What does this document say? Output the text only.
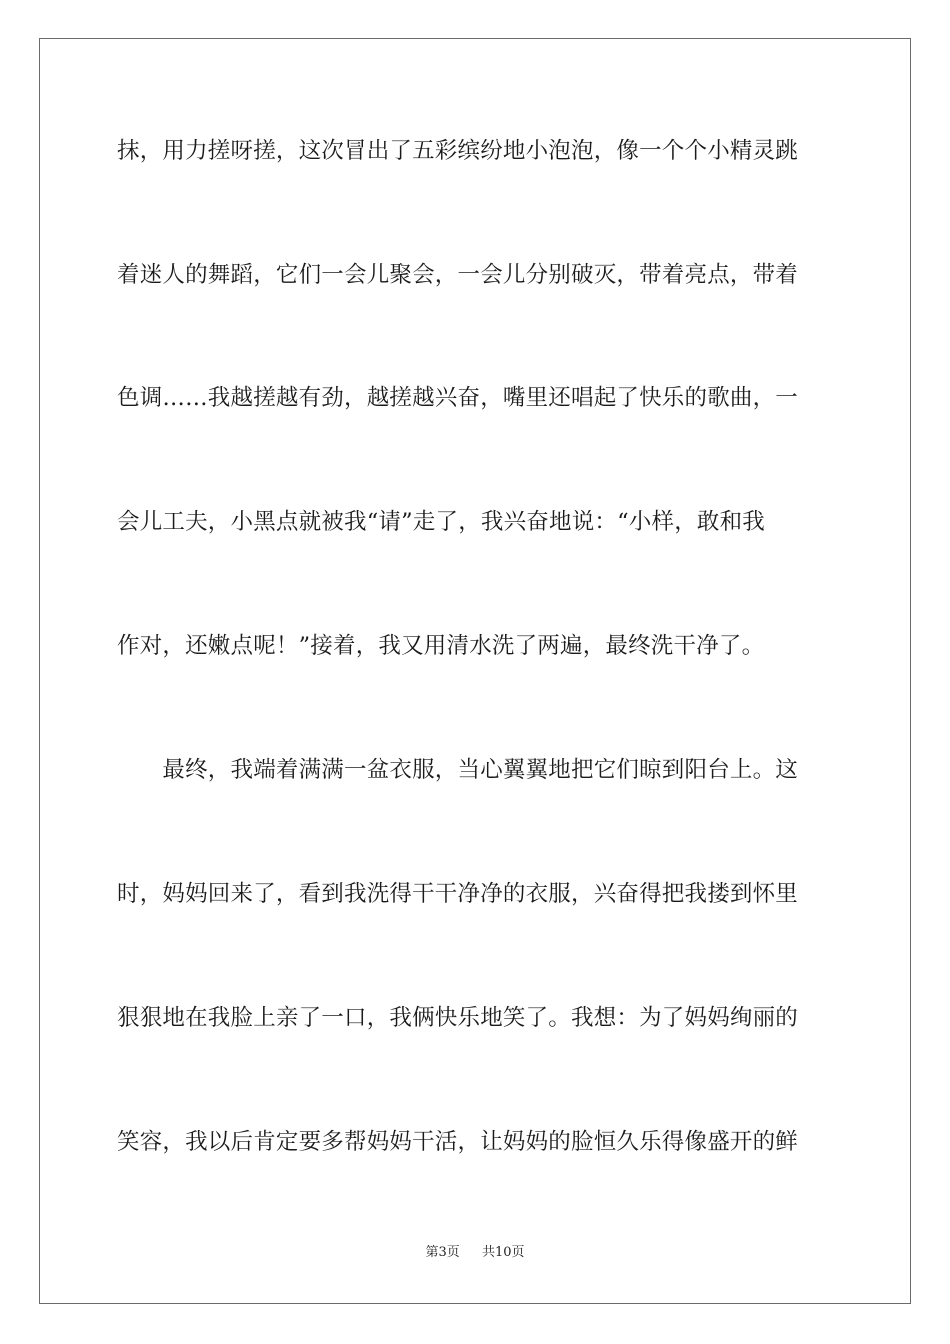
抹，用力搓呀搓，这次冒出了五彩缤纷地小泡泡，像一个个小精灵跳
着迷人的舞蹈，它们一会儿聚会，一会儿分别破灭，带着亮点，带着
色调……我越搓越有劲，越搓越兴奋，嘴里还唱起了快乐的歌曲，一
会儿工夫，小黑点就被我“请”走了，我兴奋地说：“小样，敢和我
作对，还嫩点呢！”接着，我又用清水洗了两遍，最终洗干净了。
　　最终，我端着满满一盆衣服，当心翼翼地把它们晾到阳台上。这
时，妈妈回来了，看到我洗得干干净净的衣服，兴奋得把我搂到怀里
狠狠地在我脸上亲了一口，我俩快乐地笑了。我想：为了妈妈绚丽的
笑容，我以后肯定要多帮妈妈干活，让妈妈的脸恒久乐得像盛开的鲜
第3页 共10页
